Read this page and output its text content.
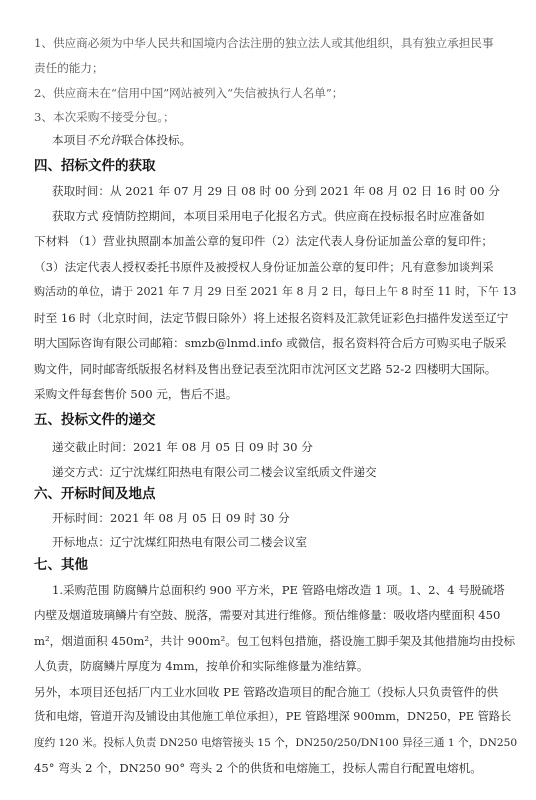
1、供应商必须为中华人民共和国境内合法注册的独立法人或其他组织，具有独立承担民事
责任的能力；
2、供应商未在“信用中国”网站被列入“失信被执行人名单”；
3、本次采购不接受分包。；
本项目不允许联合体投标。
四、招标文件的获取
获取时间：从 2021 年 07 月 29 日 08 时 00 分到 2021 年 08 月 02 日 16 时 00 分
获取方式 疫情防控期间，本项目采用电子化报名方式。供应商在投标报名时应准备如
下材料 （1）营业执照副本加盖公章的复印件（2）法定代表人身份证加盖公章的复印件；
（3）法定代表人授权委托书原件及被授权人身份证加盖公章的复印件；凡有意参加谈判采
购活动的单位，请于 2021 年 7 月 29 日至 2021 年 8 月 2 日，每日上午 8 时至 11 时，下午 13
时至 16 时（北京时间，法定节假日除外）将上述报名资料及汇款凭证彩色扫描件发送至辽宁
明大国际咨询有限公司邮箱：smzb@lnmd.info 或微信，报名资料符合后方可购买电子版采
购文件，同时邮寄纸版报名材料及售出登记表至沈阳市沈河区文艺路 52-2 四楼明大国际。
采购文件每套售价 500 元，售后不退。
五、投标文件的递交
递交截止时间：2021 年 08 月 05 日 09 时 30 分
递交方式：辽宁沈煤红阳热电有限公司二楼会议室纸质文件递交
六、开标时间及地点
开标时间：2021 年 08 月 05 日 09 时 30 分
开标地点：辽宁沈煤红阳热电有限公司二楼会议室
七、其他
1.采购范围 防腐鳞片总面积约 900 平方米，PE 管路电熔改造 1 项。1、2、4 号脱硫塔
内壁及烟道玻璃鳞片有空鼓、脱落，需要对其进行维修。预估维修量：吸收塔内壁面积 450
m²，烟道面积 450m²，共计 900m²。包工包料包措施，搭设施工脚手架及其他措施均由投标
人负责，防腐鳞片厚度为 4mm，按单价和实际维修量为准结算。
另外，本项目还包括厂内工业水回收 PE 管路改造项目的配合施工（投标人只负责管件的供
货和电熔，管道开沟及铺设由其他施工单位承担），PE 管路埋深 900mm，DN250，PE 管路长
度约 120 米。投标人负责 DN250 电熔管接头 15 个，DN250/250/DN100 异径三通 1 个，DN250
45° 弯头 2 个，DN250 90° 弯头 2 个的供货和电熔施工，投标人需自行配置电熔机。
